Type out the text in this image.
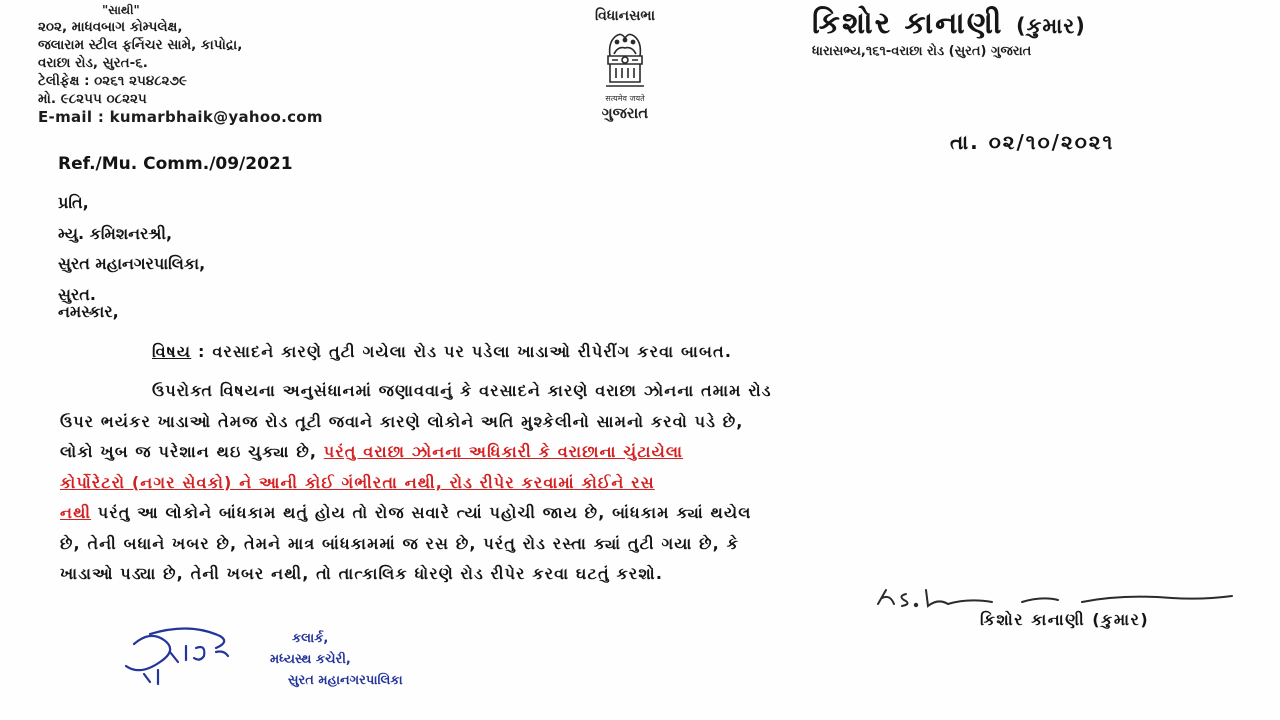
"સાથી"
૨૦૨, માધવબાગ કોમ્પલેક્ષ,
જલારામ સ્ટીલ ફર્નિચર સામે, કાપોદ્રા,
વરાછા રોડ, સુરત-૬.
ટેલીફેક્ષ : ૦૨૬૧ ૨૫૪૮૨૭૯
મો. ૯૮૨૫૫ ૦૮૨૨૫
E-mail : kumarbhaik@yahoo.com
વિધાનસભા
सत्यमेव जयते
ગુજરાત
કિશોર કાનાણી (કુમાર)
ધારાસભ્ય,૧૬૧-વરાછા રોડ (સુરત) ગુજરાત
તા. ૦૨/૧૦/૨૦૨૧
Ref./Mu. Comm./09/2021
પ્રતિ,
મ્યુ. કમિશનરશ્રી,
સુરત મહાનગરપાલિકા,
સુરત.
નમસ્કાર,
વિષય : વરસાદને કારણે તુટી ગયેલા રોડ પર પડેલા ખાડાઓ રીપેરીંગ કરવા બાબત.
ઉપરોક્ત વિષયના અનુસંધાનમાં જણાવવાનું કે વરસાદને કારણે વરાછા ઝોનના તમામ રોડ
ઉપર ભયંકર ખાડાઓ તેમજ રોડ તૂટી જવાને કારણે લોકોને અતિ મુશ્કેલીનો સામનો કરવો પડે છે,
લોકો ખુબ જ પરેશાન થઇ ચુક્યા છે, પરંતુ વરાછા ઝોનના અધિકારી કે વરાછાના ચુંટાયેલા
કોર્પોરેટરો (નગર સેવકો) ને આની કોઈ ગંભીરતા નથી, રોડ રીપેર કરવામાં કોઈને રસ
નથી પરંતુ આ લોકોને બાંધકામ થતું હોય તો રોજ સવારે ત્યાં પહોચી જાય છે, બાંધકામ ક્યાં થયેલ
છે, તેની બધાને ખબર છે, તેમને માત્ર બાંધકામમાં જ રસ છે, પરંતુ રોડ રસ્તા ક્યાં તુટી ગયા છે, કે
ખાડાઓ પડ્યા છે, તેની ખબર નથી, તો તાત્કાલિક ધોરણે રોડ રીપેર કરવા ઘટતું કરશો.
કિશોર કાનાણી (કુમાર)
કલાર્ક,
મધ્યસ્થ કચેરી,
સુરત મહાનગરપાલિકા
